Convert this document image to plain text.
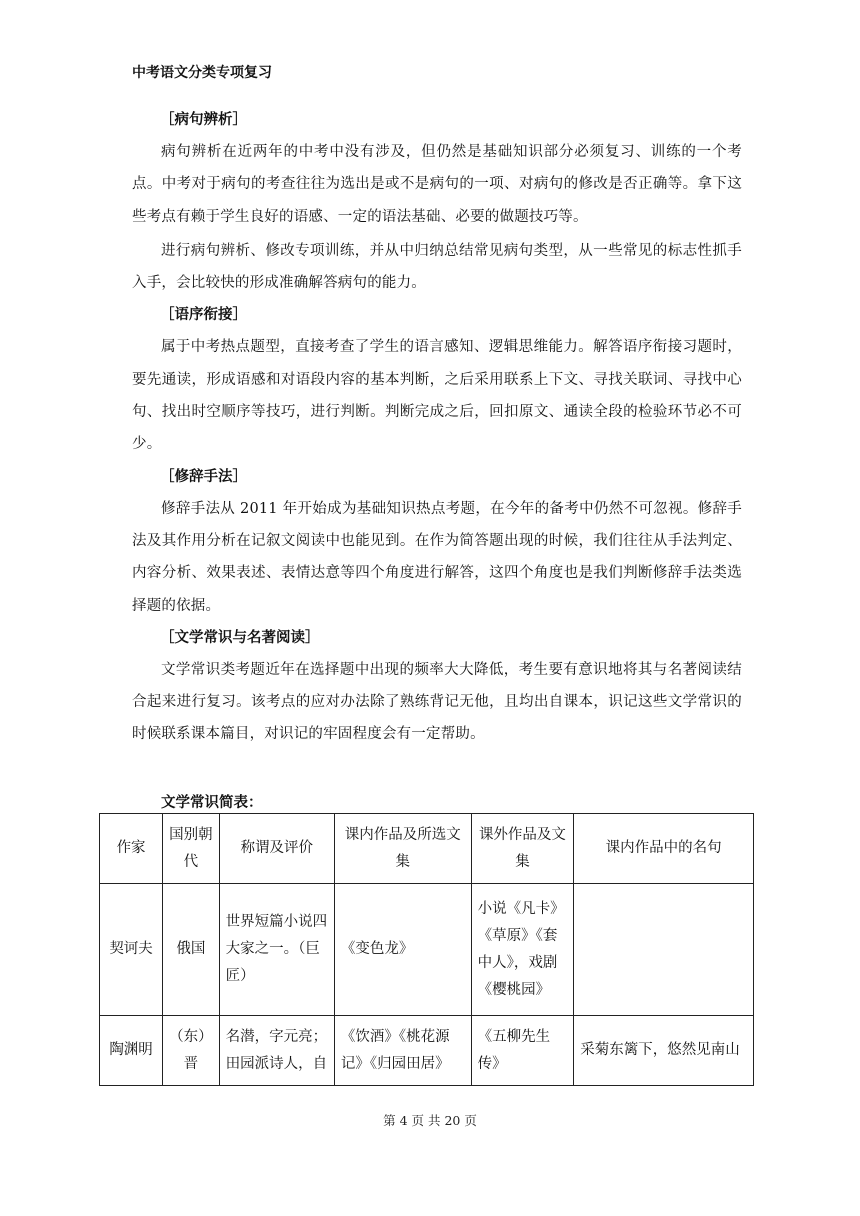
中考语文分类专项复习
［病句辨析］

病句辨析在近两年的中考中没有涉及，但仍然是基础知识部分必须复习、训练的一个考点。中考对于病句的考查往往为选出是或不是病句的一项、对病句的修改是否正确等。拿下这些考点有赖于学生良好的语感、一定的语法基础、必要的做题技巧等。

进行病句辨析、修改专项训练，并从中归纳总结常见病句类型，从一些常见的标志性抓手入手，会比较快的形成准确解答病句的能力。

［语序衔接］

属于中考热点题型，直接考查了学生的语言感知、逻辑思维能力。解答语序衔接习题时，要先通读，形成语感和对语段内容的基本判断，之后采用联系上下文、寻找关联词、寻找中心句、找出时空顺序等技巧，进行判断。判断完成之后，回扣原文、通读全段的检验环节必不可少。

［修辞手法］

修辞手法从 2011 年开始成为基础知识热点考题，在今年的备考中仍然不可忽视。修辞手法及其作用分析在记叙文阅读中也能见到。在作为简答题出现的时候，我们往往从手法判定、内容分析、效果表述、表情达意等四个角度进行解答，这四个角度也是我们判断修辞手法类选择题的依据。

［文学常识与名著阅读］

文学常识类考题近年在选择题中出现的频率大大降低，考生要有意识地将其与名著阅读结合起来进行复习。该考点的应对办法除了熟练背记无他，且均出自课本，识记这些文学常识的时候联系课本篇目，对识记的牢固程度会有一定帮助。

文学常识简表：
作家	国别朝代	称谓及评价	课内作品及所选文集	课外作品及文集	课内作品中的名句
契诃夫	俄国	世界短篇小说四大家之一。（巨匠）	《变色龙》	小说《凡卡》《草原》《套中人》，戏剧《樱桃园》	
陶渊明	（东）晋	名潜，字元亮；田园派诗人，自	《饮酒》《桃花源记》《归园田居》	《五柳先生传》	采菊东篱下，悠然见南山
第 4 页 共 20 页
